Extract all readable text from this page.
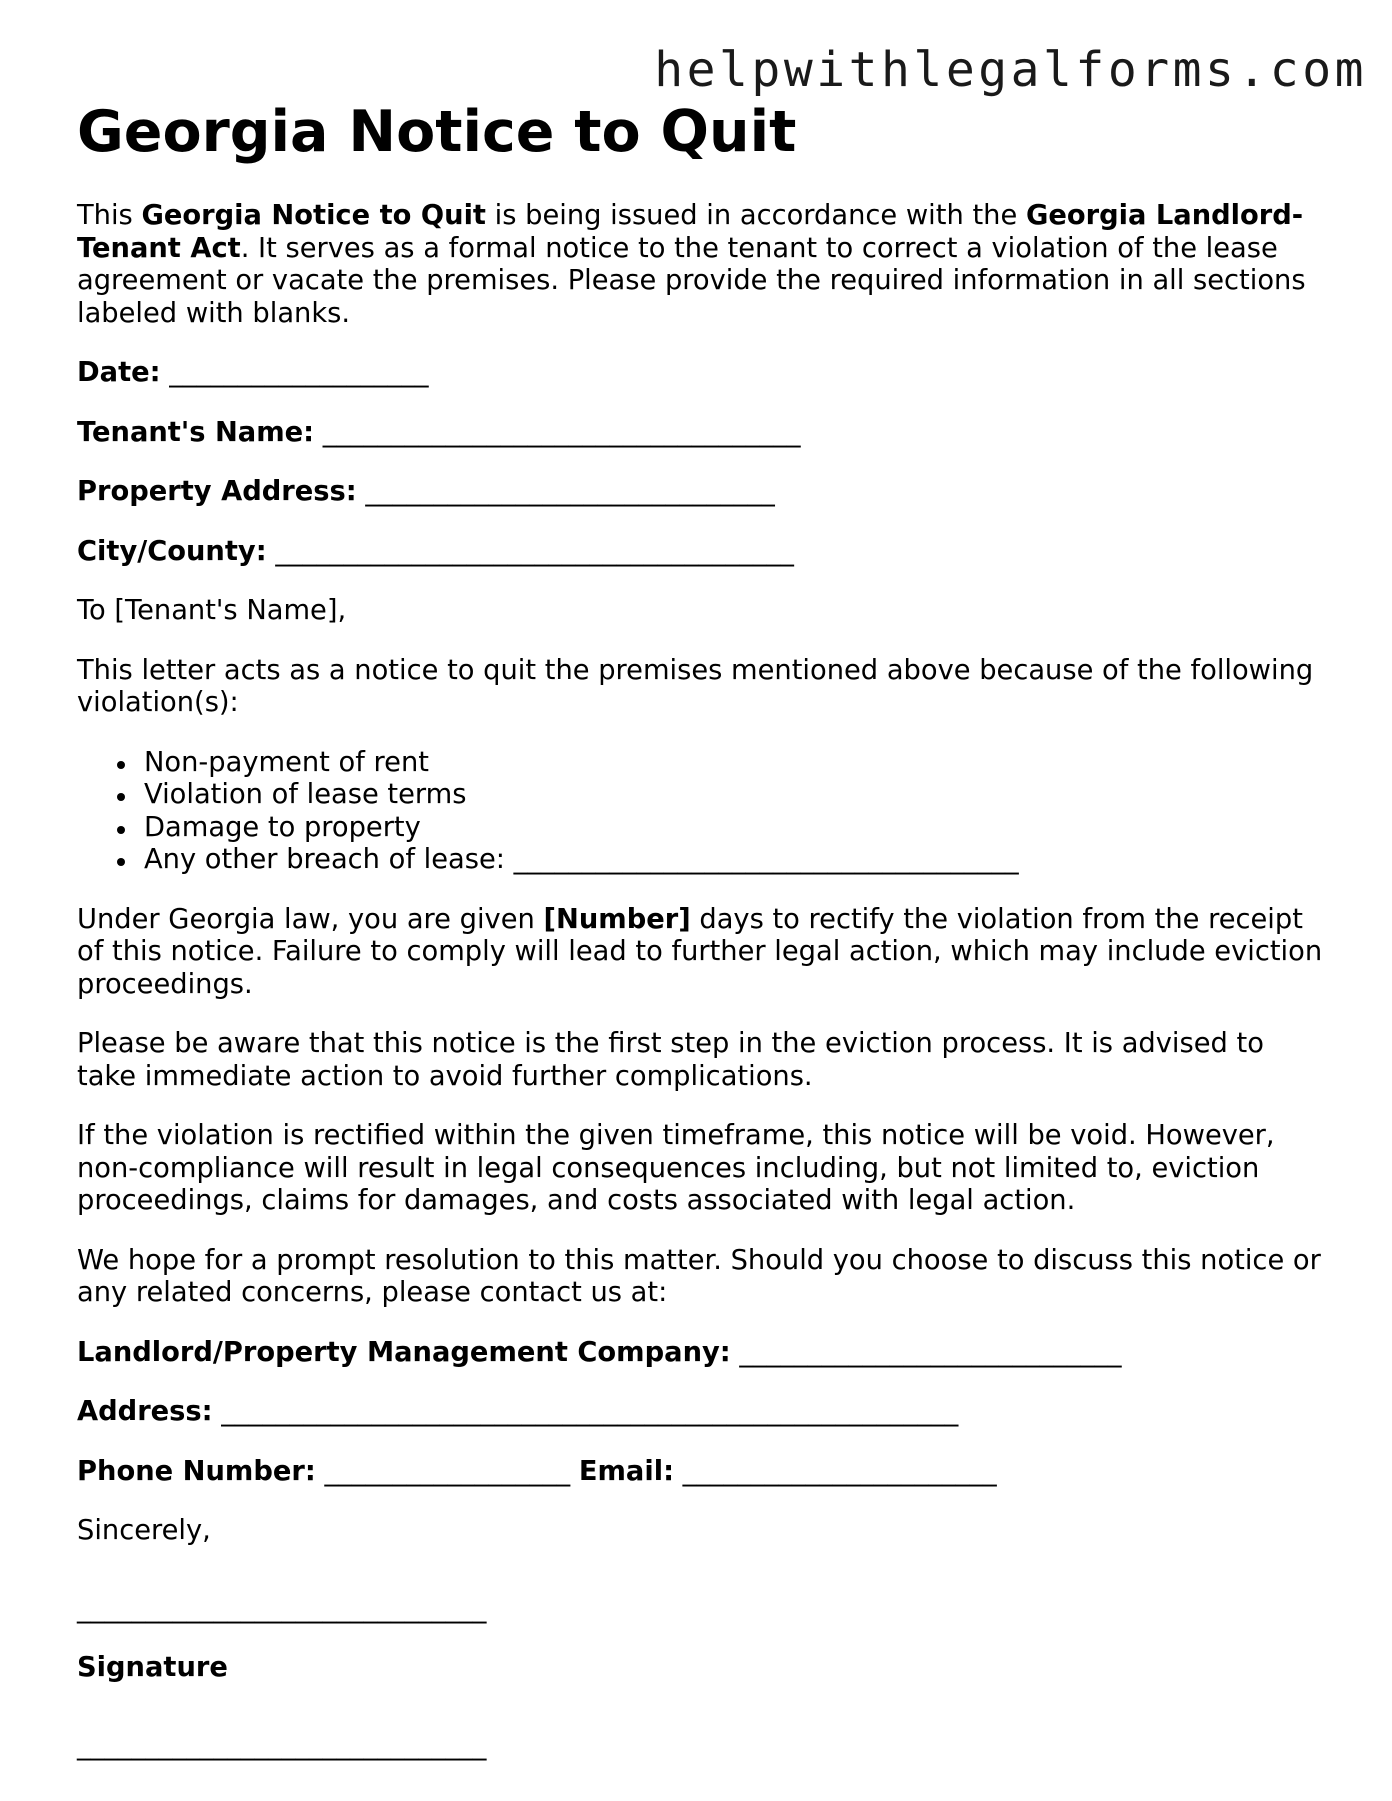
helpwithlegalforms.com
Georgia Notice to Quit

This Georgia Notice to Quit is being issued in accordance with the Georgia Landlord-Tenant Act. It serves as a formal notice to the tenant to correct a violation of the lease agreement or vacate the premises. Please provide the required information in all sections labeled with blanks.

Date: ___________________

Tenant's Name: ___________________________________

Property Address: ______________________________

City/County: ______________________________________

To [Tenant's Name],

This letter acts as a notice to quit the premises mentioned above because of the following violation(s):

Non-payment of rent
Violation of lease terms
Damage to property
Any other breach of lease: _____________________________________

Under Georgia law, you are given [Number] days to rectify the violation from the receipt of this notice. Failure to comply will lead to further legal action, which may include eviction proceedings.

Please be aware that this notice is the first step in the eviction process. It is advised to take immediate action to avoid further complications.

If the violation is rectified within the given timeframe, this notice will be void. However, non-compliance will result in legal consequences including, but not limited to, eviction proceedings, claims for damages, and costs associated with legal action.

We hope for a prompt resolution to this matter. Should you choose to discuss this notice or any related concerns, please contact us at:

Landlord/Property Management Company: ____________________________

Address: ______________________________________________________

Phone Number: __________________ Email: _______________________

Sincerely,

______________________________

Signature

______________________________
